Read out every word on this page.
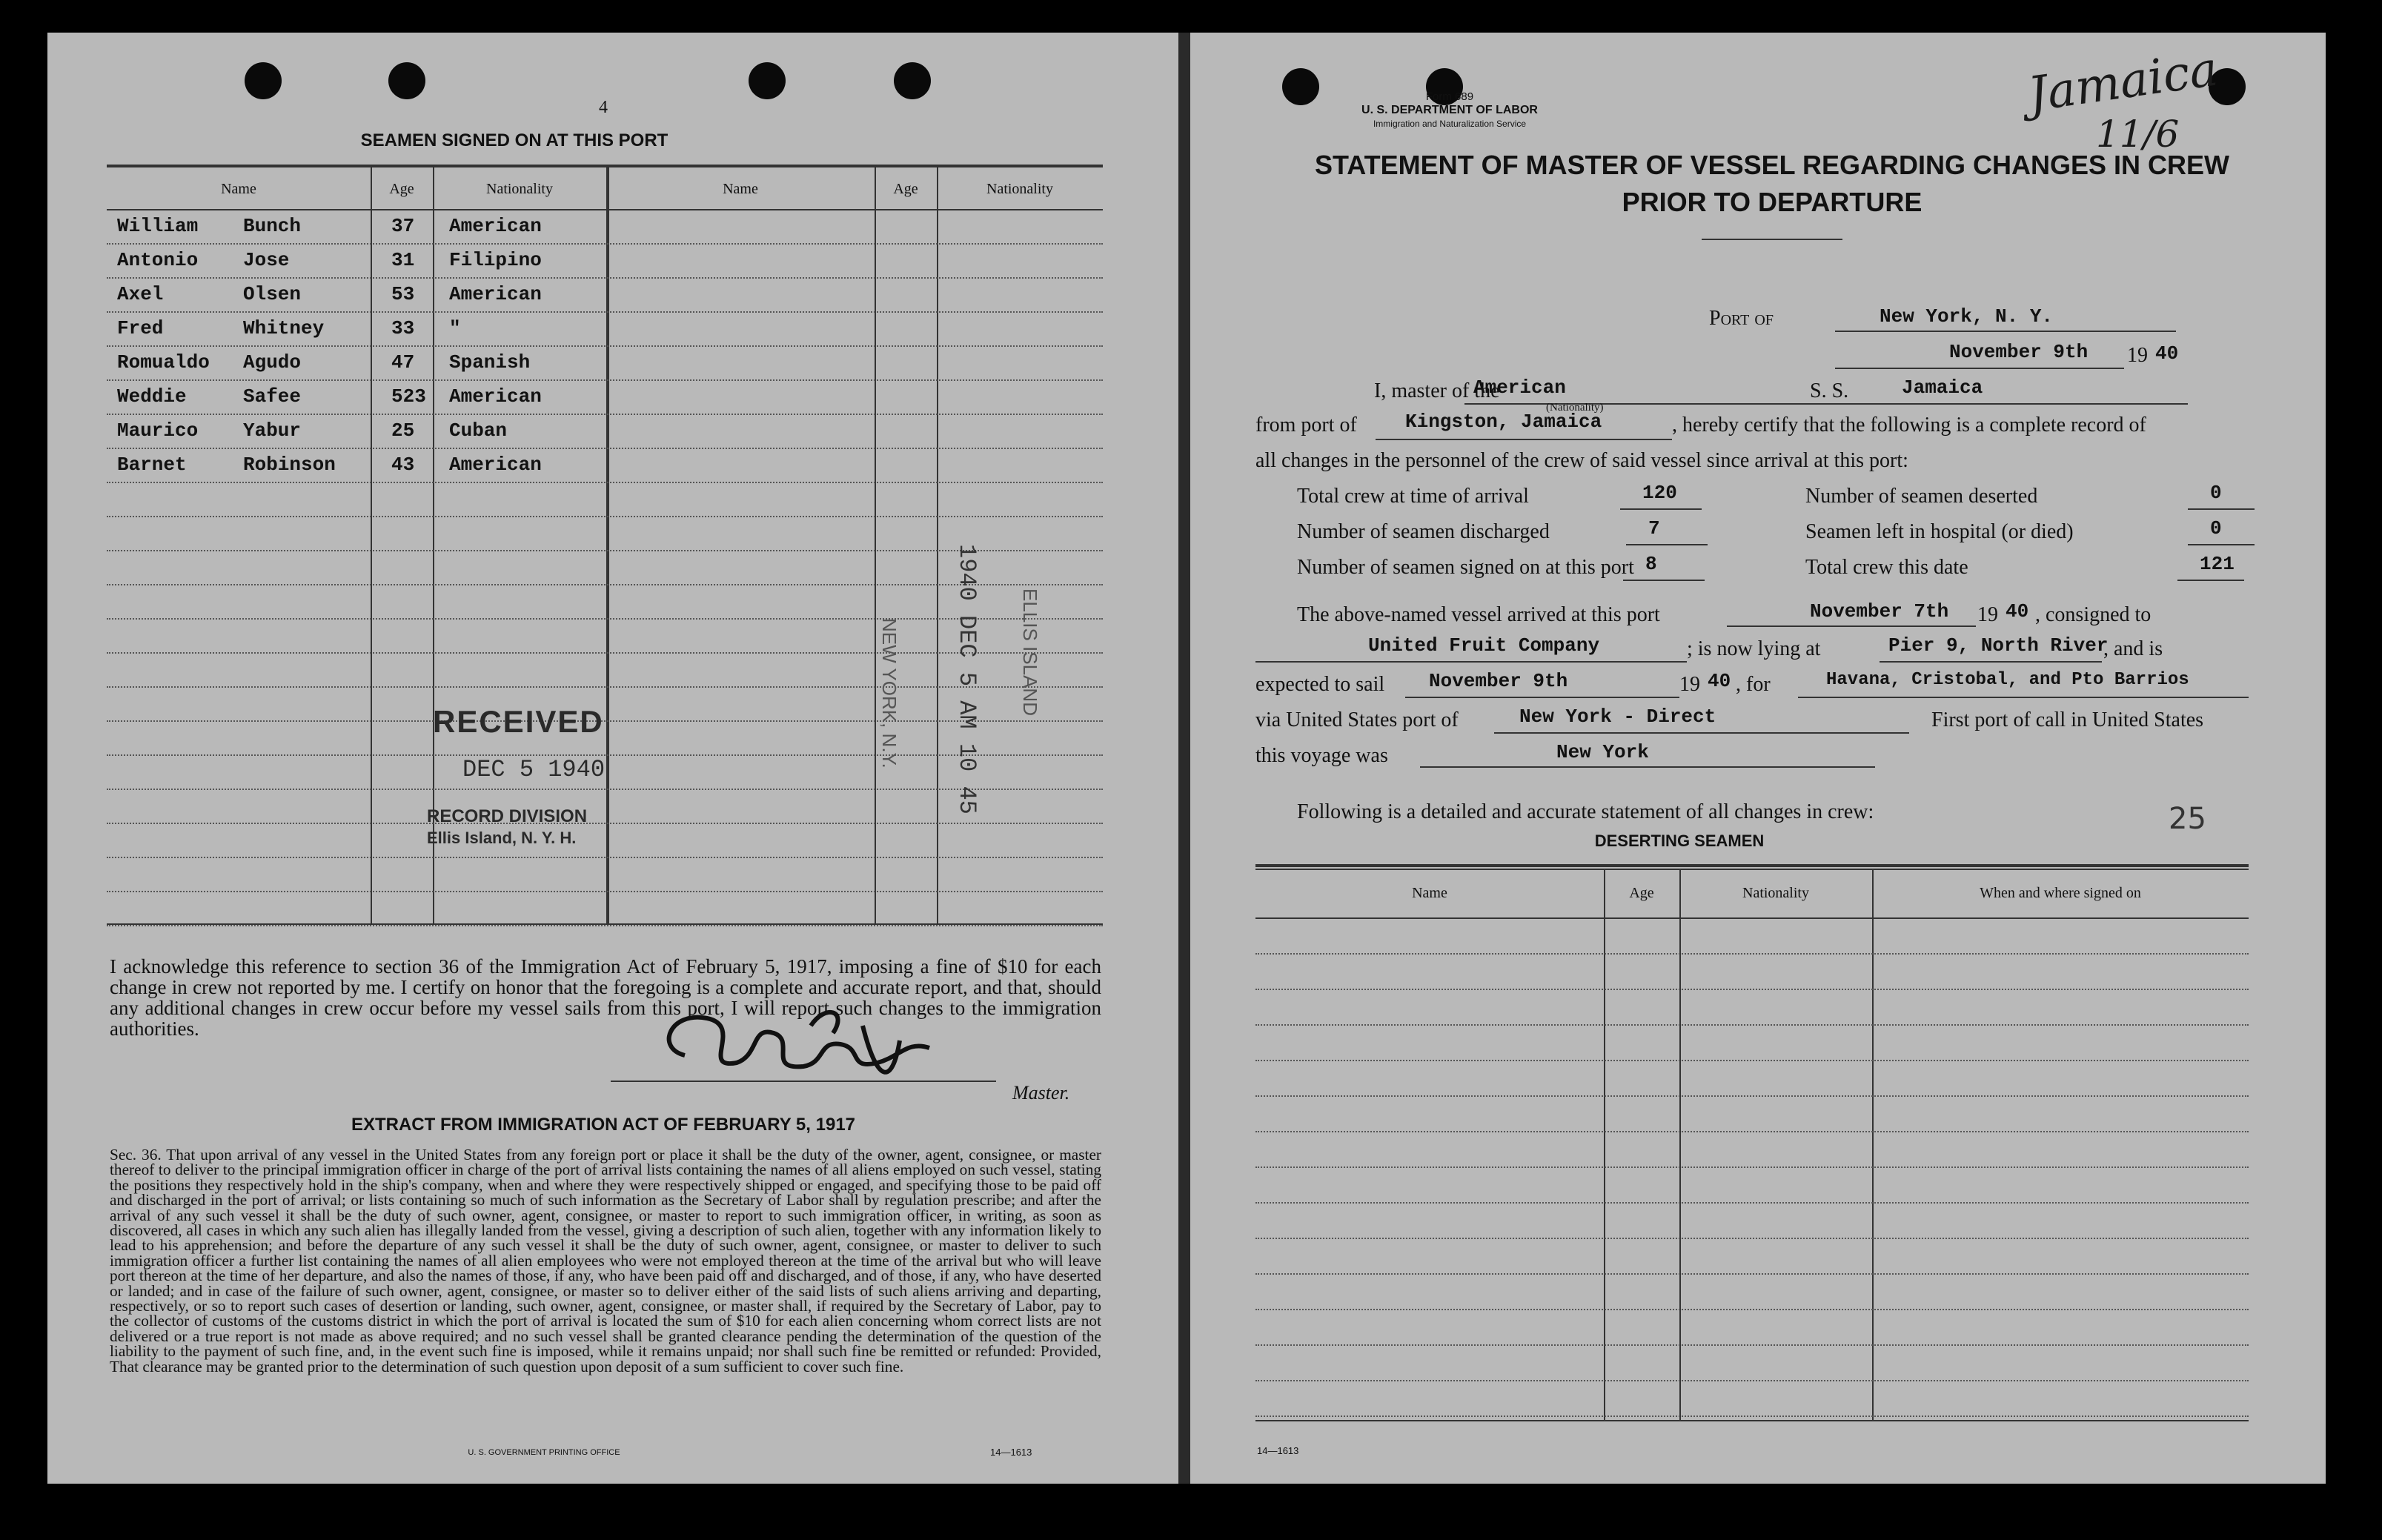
4
SEAMEN SIGNED ON AT THIS PORT
Name	Age	Nationality	Name	Age	Nationality
William Bunch	37 American
Antonio Jose	31 Filipino
Axel	Olsen	53 American
Fred	Whitney	33 "
Romualdo Agudo	47 Spanish
Weddie	Safee	523 American
Maurico Yabur	25 Cuban
Barnet	Robinson	43 American
RECEIVED
DEC 5 1940
RECORD DIVISION
Ellis Island, N. Y. H.
NEW YORK, N.Y. 1940 DEC 5 AM 10 45 ELLIS ISLAND
I acknowledge this reference to section 36 of the Immigration Act of February 5, 1917, imposing a fine of $10 for each change in crew not reported by me. I certify on honor that the foregoing is a complete and accurate report, and that, should any additional changes in crew occur before my vessel sails from this port, I will report such changes to the immigration authorities.
Master.
EXTRACT FROM IMMIGRATION ACT OF FEBRUARY 5, 1917
Sec. 36. That upon arrival of any vessel in the United States from any foreign port or place it shall be the duty of the owner, agent, consignee, or master thereof to deliver to the principal immigration officer in charge of the port of arrival lists containing the names of all aliens employed on such vessel, stating the positions they respectively hold in the ship's company, when and where they were respectively shipped or engaged, and specifying those to be paid off and discharged in the port of arrival; or lists containing so much of such information as the Secretary of Labor shall by regulation prescribe; and after the arrival of any such vessel it shall be the duty of such owner, agent, consignee, or master to report to such immigration officer, in writing, as soon as discovered, all cases in which any such alien has illegally landed from the vessel, giving a description of such alien, together with any information likely to lead to his apprehension; and before the departure of any such vessel it shall be the duty of such owner, agent, consignee, or master to deliver to such immigration officer a further list containing the names of all alien employees who were not employed thereon at the time of the arrival but who will leave port thereon at the time of her departure, and also the names of those, if any, who have been paid off and discharged, and of those, if any, who have deserted or landed; and in case of the failure of such owner, agent, consignee, or master so to deliver either of the said lists of such aliens arriving and departing, respectively, or so to report such cases of desertion or landing, such owner, agent, consignee, or master shall, if required by the Secretary of Labor, pay to the collector of customs of the customs district in which the port of arrival is located the sum of $10 for each alien concerning whom correct lists are not delivered or a true report is not made as above required; and no such vessel shall be granted clearance pending the determination of the question of the liability to the payment of such fine, and, in the event such fine is imposed, while it remains unpaid; nor shall such fine be remitted or refunded: Provided, That clearance may be granted prior to the determination of such question upon deposit of a sum sufficient to cover such fine.
U. S. GOVERNMENT PRINTING OFFICE	14—1613
Form 689
U. S. DEPARTMENT OF LABOR
Immigration and Naturalization Service
STATEMENT OF MASTER OF VESSEL REGARDING CHANGES IN CREW
PRIOR TO DEPARTURE
Jamaica
11/6
Port of	New York, N. Y.
November 9th 19 40
I, master of the
American
(Nationality)
S. S.	Jamaica
from port of	Kingston, Jamaica	, hereby certify that the following is a complete record of
all changes in the personnel of the crew of said vessel since arrival at this port:
Total crew at time of arrival	120
Number of seamen discharged	7
Number of seamen signed on at this port 8
Number of seamen deserted	0
Seamen left in hospital (or died)	0
Total crew this date	121
The above-named vessel arrived at this port	November 7th 19 40 , consigned to
United Fruit Company	; is now lying at	Pier 9, North River
, and is
expected to sail November 9th	19 40 , for	Havana, Cristobal, and Pto Barrios
via United States port of	New York - Direct	First port of call in United States
this voyage was	New York
Following is a detailed and accurate statement of all changes in crew:	25
DESERTING SEAMEN
Name	Age	Nationality	When and where signed on
14—1613
